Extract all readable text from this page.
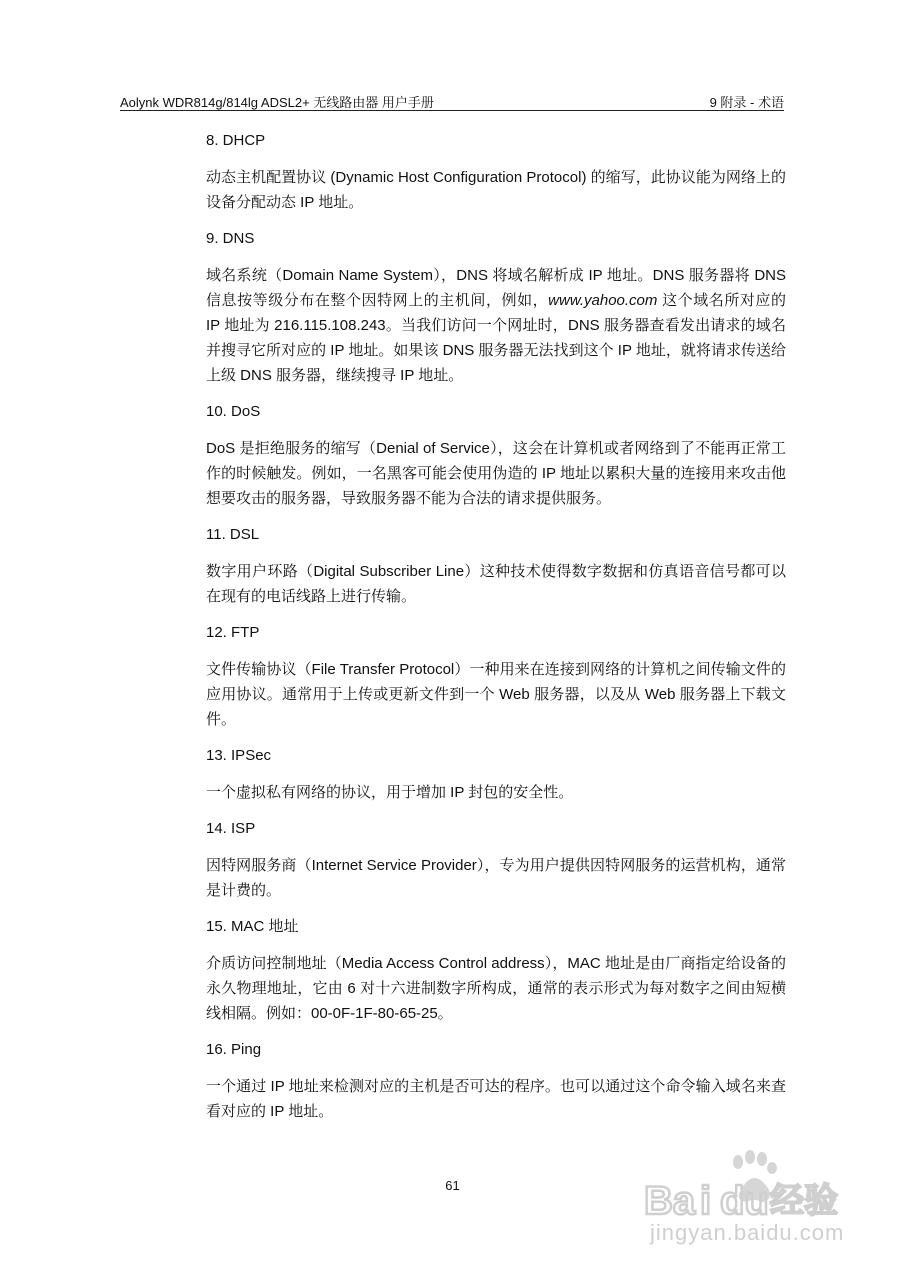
Aolynk WDR814g/814lg ADSL2+ 无线路由器 用户手册	9 附录 - 术语
8. DHCP
动态主机配置协议 (Dynamic Host Configuration Protocol) 的缩写，此协议能为网络上的设备分配动态 IP 地址。
9. DNS
域名系统（Domain Name System），DNS 将域名解析成 IP 地址。DNS 服务器将 DNS 信息按等级分布在整个因特网上的主机间，例如，www.yahoo.com 这个域名所对应的 IP 地址为 216.115.108.243。当我们访问一个网址时，DNS 服务器查看发出请求的域名并搜寻它所对应的 IP 地址。如果该 DNS 服务器无法找到这个 IP 地址，就将请求传送给上级 DNS 服务器，继续搜寻 IP 地址。
10. DoS
DoS 是拒绝服务的缩写（Denial of Service），这会在计算机或者网络到了不能再正常工作的时候触发。例如，一名黑客可能会使用伪造的 IP 地址以累积大量的连接用来攻击他想要攻击的服务器，导致服务器不能为合法的请求提供服务。
11. DSL
数字用户环路（Digital Subscriber Line）这种技术使得数字数据和仿真语音信号都可以在现有的电话线路上进行传输。
12. FTP
文件传输协议（File Transfer Protocol）一种用来在连接到网络的计算机之间传输文件的应用协议。通常用于上传或更新文件到一个 Web 服务器，以及从 Web 服务器上下载文件。
13. IPSec
一个虚拟私有网络的协议，用于增加 IP 封包的安全性。
14. ISP
因特网服务商（Internet Service Provider），专为用户提供因特网服务的运营机构，通常是计费的。
15. MAC 地址
介质访问控制地址（Media Access Control address），MAC 地址是由厂商指定给设备的永久物理地址，它由 6 对十六进制数字所构成，通常的表示形式为每对数字之间由短横线相隔。例如：00-0F-1F-80-65-25。
16. Ping
一个通过 IP 地址来检测对应的主机是否可达的程序。也可以通过这个命令输入域名来查看对应的 IP 地址。
61	Ba i du 经验
jingyan.baidu.com
